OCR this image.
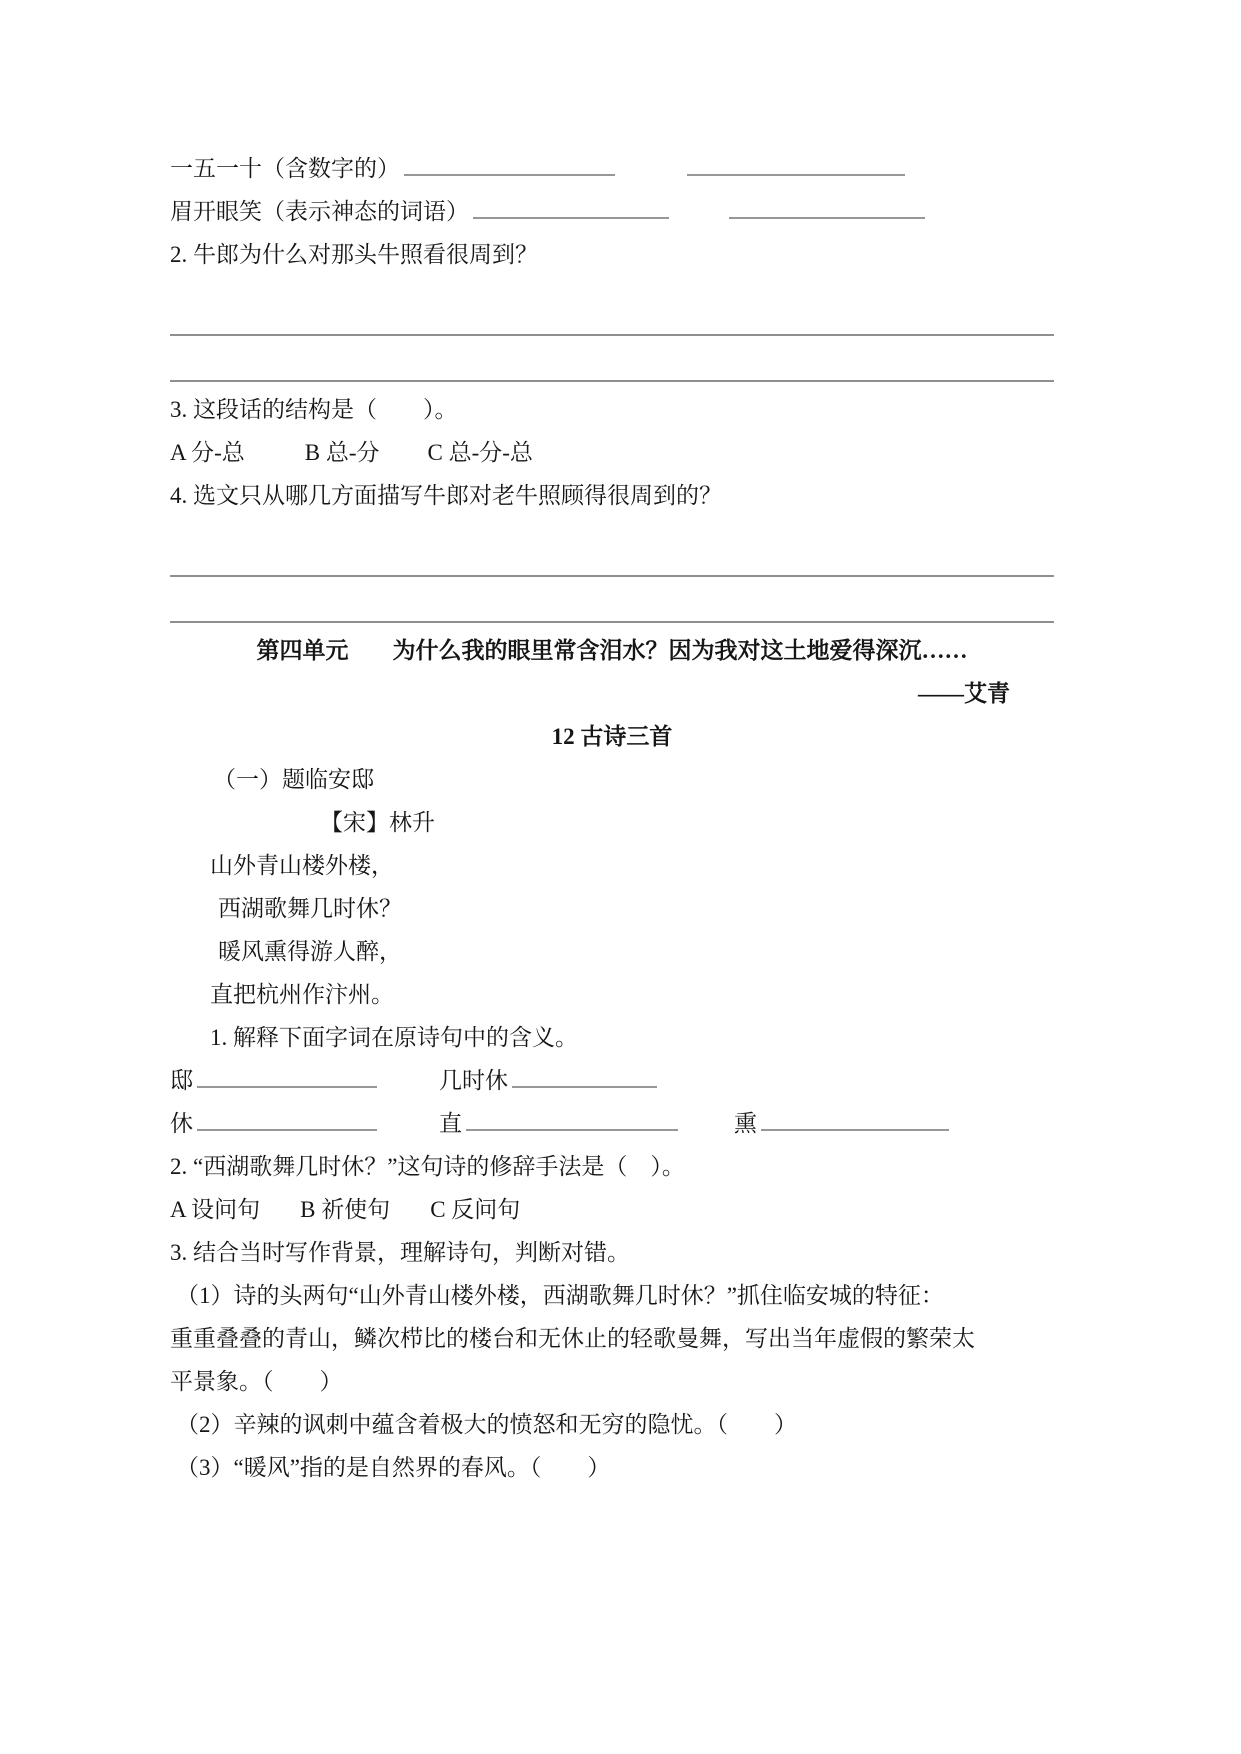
一五一十（含数字的）
眉开眼笑（表示神态的词语）
2. 牛郎为什么对那头牛照看很周到？
3. 这段话的结构是（　　）。
A 分-总	B 总-分 C 总-分-总
4. 选文只从哪几方面描写牛郎对老牛照顾得很周到的？
第四单元 为什么我的眼里常含泪水？因为我对这土地爱得深沉……
——艾青
12 古诗三首
（一）题临安邸
【宋】林升
山外青山楼外楼，
西湖歌舞几时休？
暖风熏得游人醉，
直把杭州作汴州。
1. 解释下面字词在原诗句中的含义。
邸	几时休
休	直	熏
2. “西湖歌舞几时休？”这句诗的修辞手法是（　）。
A 设问句 B 祈使句 C 反问句
3. 结合当时写作背景，理解诗句，判断对错。
（1）诗的头两句“山外青山楼外楼，西湖歌舞几时休？”抓住临安城的特征：
重重叠叠的青山，鳞次栉比的楼台和无休止的轻歌曼舞，写出当年虚假的繁荣太
平景象。（　　）
（2）辛辣的讽刺中蕴含着极大的愤怒和无穷的隐忧。（　　）
（3）“暖风”指的是自然界的春风。（　　）
